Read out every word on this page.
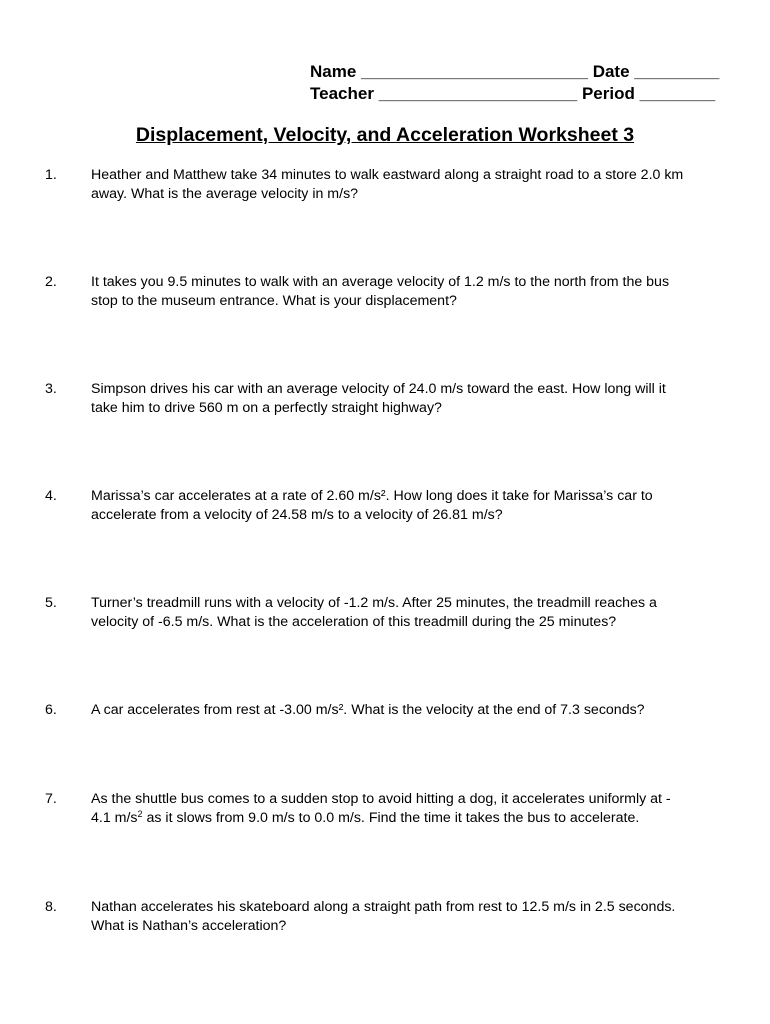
Name ________________________ Date _________
Teacher _____________________ Period ________
Displacement, Velocity, and Acceleration Worksheet 3
1. Heather and Matthew take 34 minutes to walk eastward along a straight road to a store 2.0 km
away. What is the average velocity in m/s?
2. It takes you 9.5 minutes to walk with an average velocity of 1.2 m/s to the north from the bus
stop to the museum entrance. What is your displacement?
3. Simpson drives his car with an average velocity of 24.0 m/s toward the east. How long will it
take him to drive 560 m on a perfectly straight highway?
4. Marissa’s car accelerates at a rate of 2.60 m/s². How long does it take for Marissa’s car to
accelerate from a velocity of 24.58 m/s to a velocity of 26.81 m/s?
5. Turner’s treadmill runs with a velocity of -1.2 m/s. After 25 minutes, the treadmill reaches a
velocity of -6.5 m/s. What is the acceleration of this treadmill during the 25 minutes?
6. A car accelerates from rest at -3.00 m/s². What is the velocity at the end of 7.3 seconds?
7. As the shuttle bus comes to a sudden stop to avoid hitting a dog, it accelerates uniformly at -
4.1 $m/s^2$ as it slows from 9.0 m/s to 0.0 m/s. Find the time it takes the bus to accelerate.
8. Nathan accelerates his skateboard along a straight path from rest to 12.5 m/s in 2.5 seconds.
What is Nathan’s acceleration?
